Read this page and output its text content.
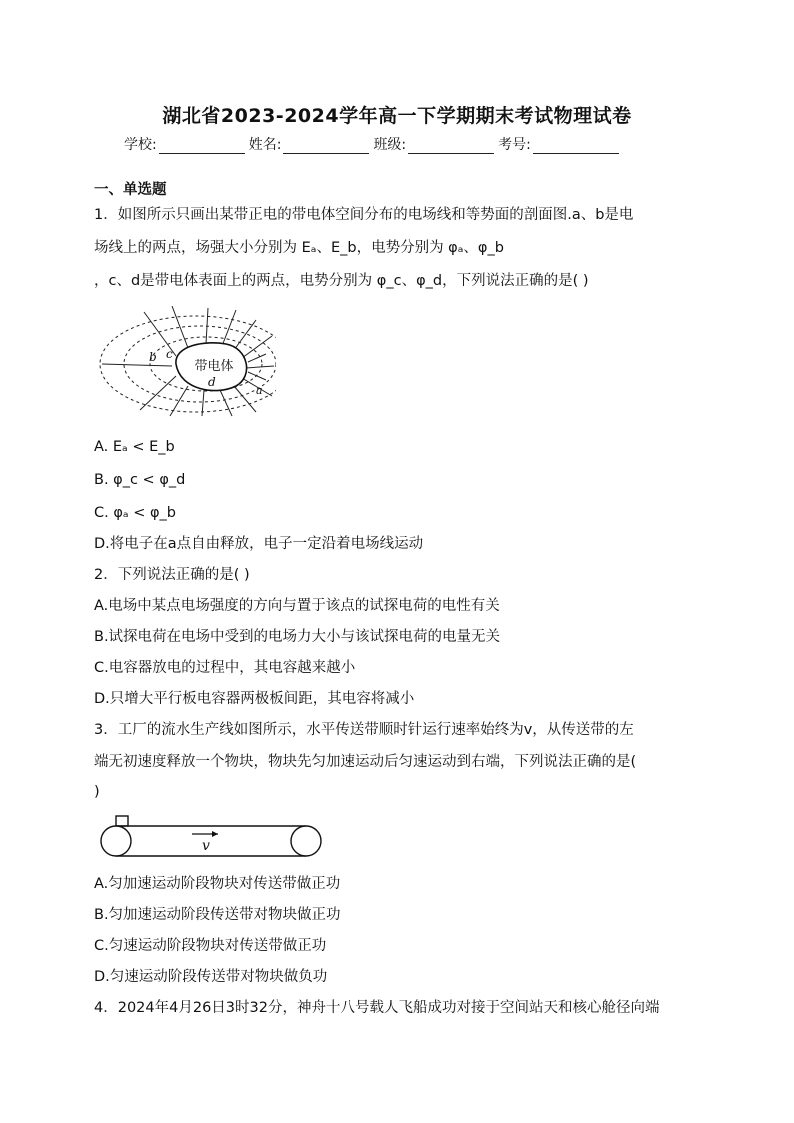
湖北省2023-2024学年高一下学期期末考试物理试卷
学校:	姓名:	班级:	考号:
一、单选题
1．如图所示只画出某带正电的带电体空间分布的电场线和等势面的剖面图.a、b是电
场线上的两点，场强大小分别为 Eₐ、E_b，电势分别为 φₐ、φ_b
，c、d是带电体表面上的两点，电势分别为 φ_c、φ_d，下列说法正确的是( )
带电体
b c
d
a
A. Eₐ < E_b
B. φ_c < φ_d
C. φₐ < φ_b
D.将电子在a点自由释放，电子一定沿着电场线运动
2．下列说法正确的是( )
A.电场中某点电场强度的方向与置于该点的试探电荷的电性有关
B.试探电荷在电场中受到的电场力大小与该试探电荷的电量无关
C.电容器放电的过程中，其电容越来越小
D.只增大平行板电容器两极板间距，其电容将减小
3．工厂的流水生产线如图所示，水平传送带顺时针运行速率始终为v，从传送带的左
端无初速度释放一个物块，物块先匀加速运动后匀速运动到右端，下列说法正确的是(
)
v
A.匀加速运动阶段物块对传送带做正功
B.匀加速运动阶段传送带对物块做正功
C.匀速运动阶段物块对传送带做正功
D.匀速运动阶段传送带对物块做负功
4．2024年4月26日3时32分，神舟十八号载人飞船成功对接于空间站天和核心舱径向端
